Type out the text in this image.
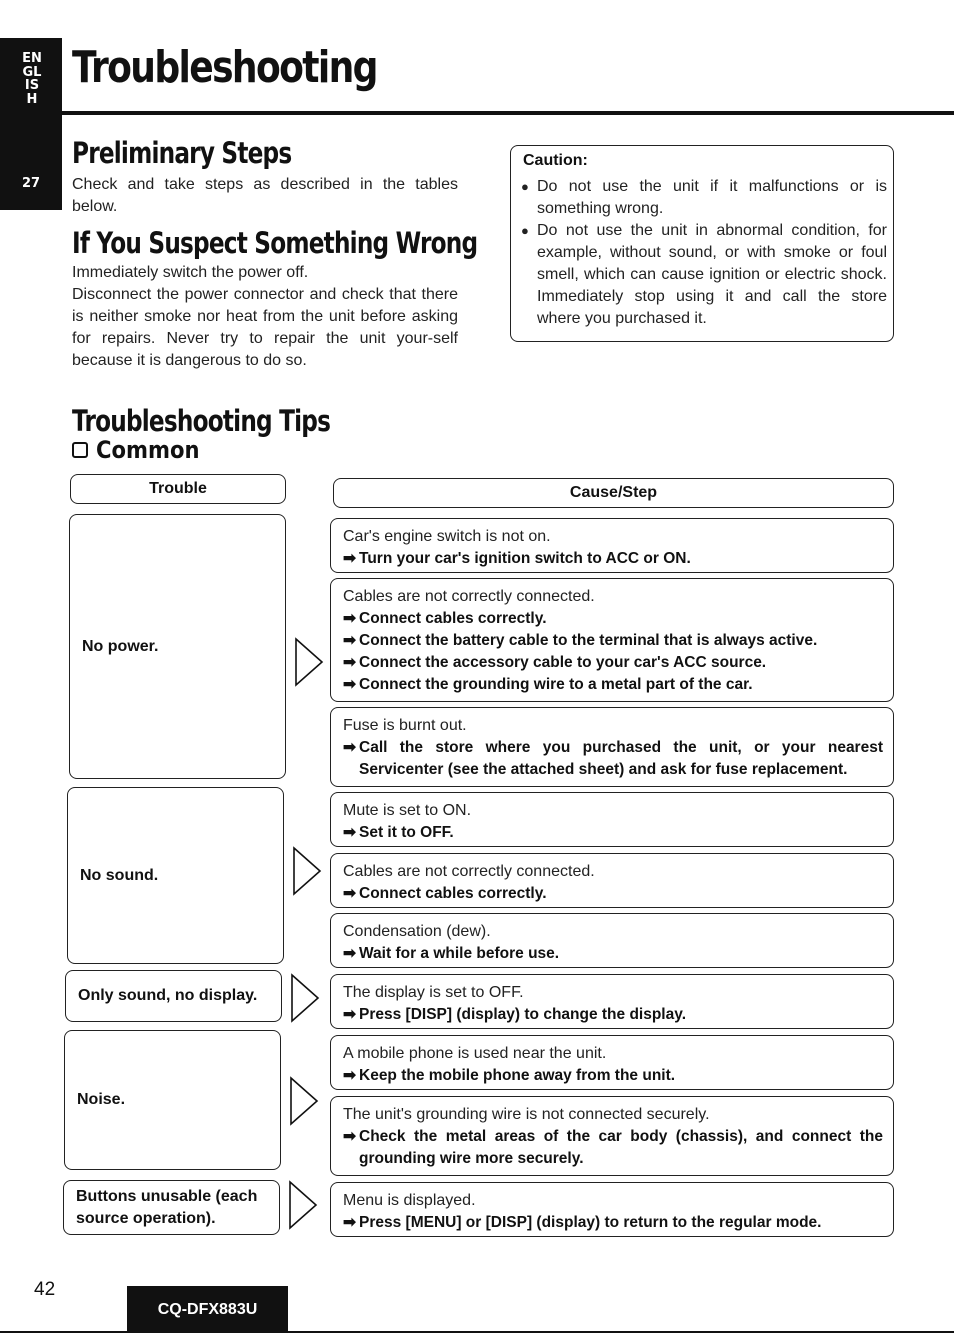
ENGLISH
27
Troubleshooting
Preliminary Steps

Check and take steps as described in the tables below.

If You Suspect Something Wrong

Immediately switch the power off.

Disconnect the power connector and check that there is neither smoke nor heat from the unit before asking for repairs. Never try to repair the unit your-self because it is dangerous to do so.

Caution:
● Do not use the unit if it malfunctions or is something wrong.
● Do not use the unit in abnormal condition, for example, without sound, or with smoke or foul smell, which can cause ignition or electric shock. Immediately stop using it and call the store where you purchased it.
Troubleshooting Tips
Common
Trouble	Cause/Step
No power.
No sound.
Only sound, no display.
Noise.
Buttons unusable (each source operation).
Car's engine switch is not on.
➡ Turn your car's ignition switch to ACC or ON.
Cables are not correctly connected.
➡ Connect cables correctly.
➡ Connect the battery cable to the terminal that is always active.
➡ Connect the accessory cable to your car's ACC source.
➡ Connect the grounding wire to a metal part of the car.
Fuse is burnt out.
➡ Call the store where you purchased the unit, or your nearest Servicenter (see the attached sheet) and ask for fuse replacement.
Mute is set to ON.
➡ Set it to OFF.
Cables are not correctly connected.
➡ Connect cables correctly.
Condensation (dew).
➡ Wait for a while before use.
The display is set to OFF.
➡ Press [DISP] (display) to change the display.
A mobile phone is used near the unit.
➡ Keep the mobile phone away from the unit.
The unit's grounding wire is not connected securely.
➡ Check the metal areas of the car body (chassis), and connect the grounding wire more securely.
Menu is displayed.
➡ Press [MENU] or [DISP] (display) to return to the regular mode.
42
CQ-DFX883U
